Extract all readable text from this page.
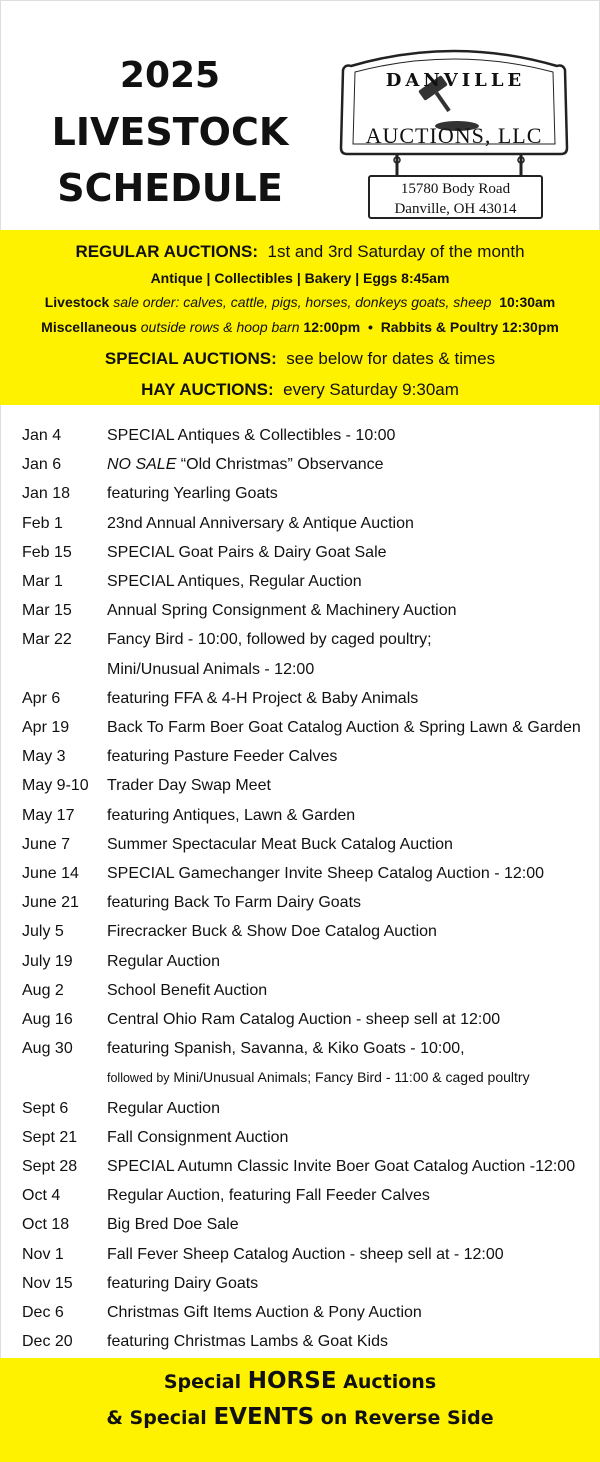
2025
LIVESTOCK
SCHEDULE
DANVILLE
AUCTIONS, LLC
15780 Body Road
Danville, OH 43014
REGULAR AUCTIONS: 1st and 3rd Saturday of the month
Antique | Collectibles | Bakery | Eggs 8:45am
Livestock sale order: calves, cattle, pigs, horses, donkeys goats, sheep 10:30am
Miscellaneous outside rows & hoop barn 12:00pm • Rabbits & Poultry 12:30pm
SPECIAL AUCTIONS: see below for dates & times
HAY AUCTIONS: every Saturday 9:30am
Jan 4	SPECIAL Antiques & Collectibles - 10:00
Jan 6	NO SALE “Old Christmas” Observance
Jan 18	featuring Yearling Goats
Feb 1	23nd Annual Anniversary & Antique Auction
Feb 15	SPECIAL Goat Pairs & Dairy Goat Sale
Mar 1	SPECIAL Antiques, Regular Auction
Mar 15	Annual Spring Consignment & Machinery Auction
Mar 22	Fancy Bird - 10:00, followed by caged poultry;
Mini/Unusual Animals - 12:00
Apr 6	featuring FFA & 4-H Project & Baby Animals
Apr 19	Back To Farm Boer Goat Catalog Auction & Spring Lawn & Garden
May 3	featuring Pasture Feeder Calves
May 9-10	Trader Day Swap Meet
May 17	featuring Antiques, Lawn & Garden
June 7	Summer Spectacular Meat Buck Catalog Auction
June 14	SPECIAL Gamechanger Invite Sheep Catalog Auction - 12:00
June 21	featuring Back To Farm Dairy Goats
July 5	Firecracker Buck & Show Doe Catalog Auction
July 19	Regular Auction
Aug 2	School Benefit Auction
Aug 16	Central Ohio Ram Catalog Auction - sheep sell at 12:00
Aug 30	featuring Spanish, Savanna, & Kiko Goats - 10:00,
followed by Mini/Unusual Animals; Fancy Bird - 11:00 & caged poultry
Sept 6	Regular Auction
Sept 21	Fall Consignment Auction
Sept 28	SPECIAL Autumn Classic Invite Boer Goat Catalog Auction -12:00
Oct 4	Regular Auction, featuring Fall Feeder Calves
Oct 18	Big Bred Doe Sale
Nov 1	Fall Fever Sheep Catalog Auction - sheep sell at - 12:00
Nov 15	featuring Dairy Goats
Dec 6	Christmas Gift Items Auction & Pony Auction
Dec 20	featuring Christmas Lambs & Goat Kids
Special HORSE Auctions
& Special EVENTS on Reverse Side
